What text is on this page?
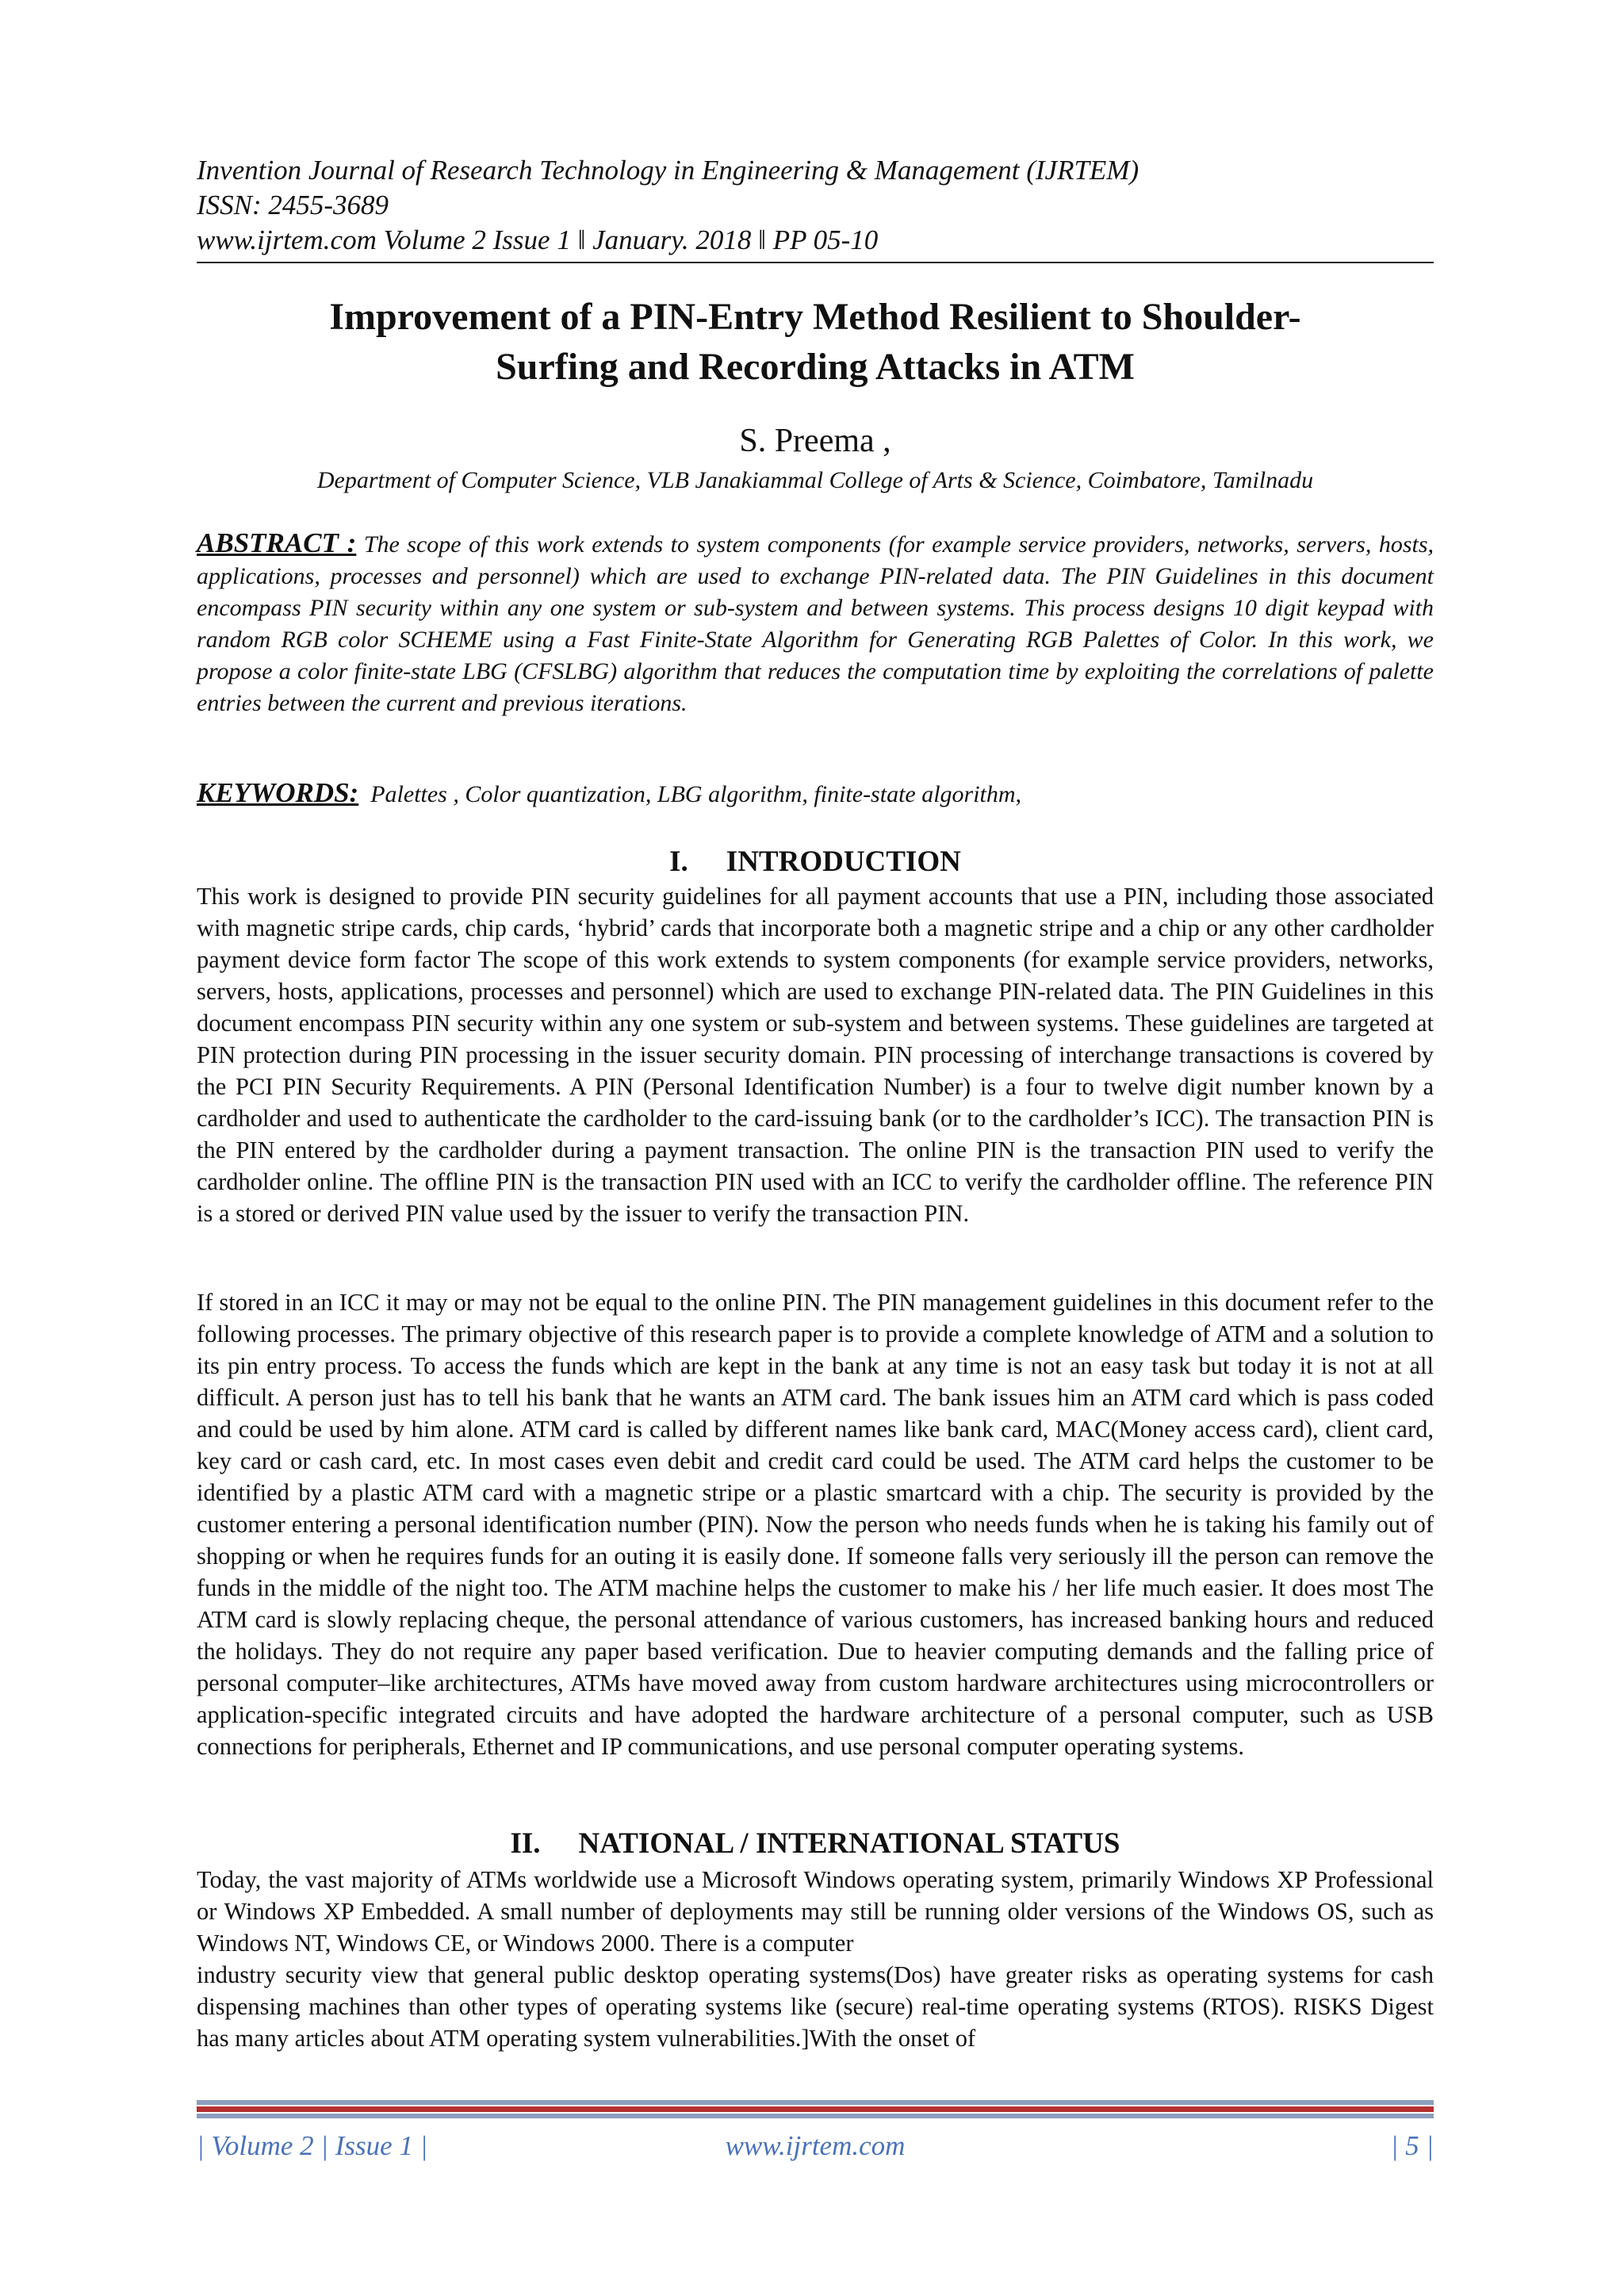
Invention Journal of Research Technology in Engineering & Management (IJRTEM)
ISSN: 2455-3689
www.ijrtem.com Volume 2 Issue 1 ǁ January. 2018 ǁ PP 05-10
Improvement of a PIN-Entry Method Resilient to Shoulder-
Surfing and Recording Attacks in ATM
S. Preema ,
Department of Computer Science, VLB Janakiammal College of Arts & Science, Coimbatore, Tamilnadu
ABSTRACT : The scope of this work extends to system components (for example service providers, networks, servers, hosts, applications, processes and personnel) which are used to exchange PIN-related data. The PIN Guidelines in this document encompass PIN security within any one system or sub-system and between systems. This process designs 10 digit keypad with random RGB color SCHEME using a Fast Finite-State Algorithm for Generating RGB Palettes of Color. In this work, we propose a color finite-state LBG (CFSLBG) algorithm that reduces the computation time by exploiting the correlations of palette entries between the current and previous iterations.
KEYWORDS: Palettes , Color quantization, LBG algorithm, finite-state algorithm,
I. INTRODUCTION

This work is designed to provide PIN security guidelines for all payment accounts that use a PIN, including those associated with magnetic stripe cards, chip cards, ‘hybrid’ cards that incorporate both a magnetic stripe and a chip or any other cardholder payment device form factor The scope of this work extends to system components (for example service providers, networks, servers, hosts, applications, processes and personnel) which are used to exchange PIN-related data. The PIN Guidelines in this document encompass PIN security within any one system or sub-system and between systems. These guidelines are targeted at PIN protection during PIN processing in the issuer security domain. PIN processing of interchange transactions is covered by the PCI PIN Security Requirements. A PIN (Personal Identification Number) is a four to twelve digit number known by a cardholder and used to authenticate the cardholder to the card-issuing bank (or to the cardholder’s ICC). The transaction PIN is the PIN entered by the cardholder during a payment transaction. The online PIN is the transaction PIN used to verify the cardholder online. The offline PIN is the transaction PIN used with an ICC to verify the cardholder offline. The reference PIN is a stored or derived PIN value used by the issuer to verify the transaction PIN.

If stored in an ICC it may or may not be equal to the online PIN. The PIN management guidelines in this document refer to the following processes. The primary objective of this research paper is to provide a complete knowledge of ATM and a solution to its pin entry process. To access the funds which are kept in the bank at any time is not an easy task but today it is not at all difficult. A person just has to tell his bank that he wants an ATM card. The bank issues him an ATM card which is pass coded and could be used by him alone. ATM card is called by different names like bank card, MAC(Money access card), client card, key card or cash card, etc. In most cases even debit and credit card could be used. The ATM card helps the customer to be identified by a plastic ATM card with a magnetic stripe or a plastic smartcard with a chip. The security is provided by the customer entering a personal identification number (PIN). Now the person who needs funds when he is taking his family out of shopping or when he requires funds for an outing it is easily done. If someone falls very seriously ill the person can remove the funds in the middle of the night too. The ATM machine helps the customer to make his / her life much easier. It does most The ATM card is slowly replacing cheque, the personal attendance of various customers, has increased banking hours and reduced the holidays. They do not require any paper based verification. Due to heavier computing demands and the falling price of personal computer–like architectures, ATMs have moved away from custom hardware architectures using microcontrollers or application-specific integrated circuits and have adopted the hardware architecture of a personal computer, such as USB connections for peripherals, Ethernet and IP communications, and use personal computer operating systems.

II. NATIONAL / INTERNATIONAL STATUS

Today, the vast majority of ATMs worldwide use a Microsoft Windows operating system, primarily Windows XP Professional or Windows XP Embedded. A small number of deployments may still be running older versions of the Windows OS, such as Windows NT, Windows CE, or Windows 2000. There is a computer

industry security view that general public desktop operating systems(Dos) have greater risks as operating systems for cash dispensing machines than other types of operating systems like (secure) real-time operating systems (RTOS). RISKS Digest has many articles about ATM operating system vulnerabilities.]With the onset of

| Volume 2 | Issue 1 |	www.ijrtem.com	| 5 |
